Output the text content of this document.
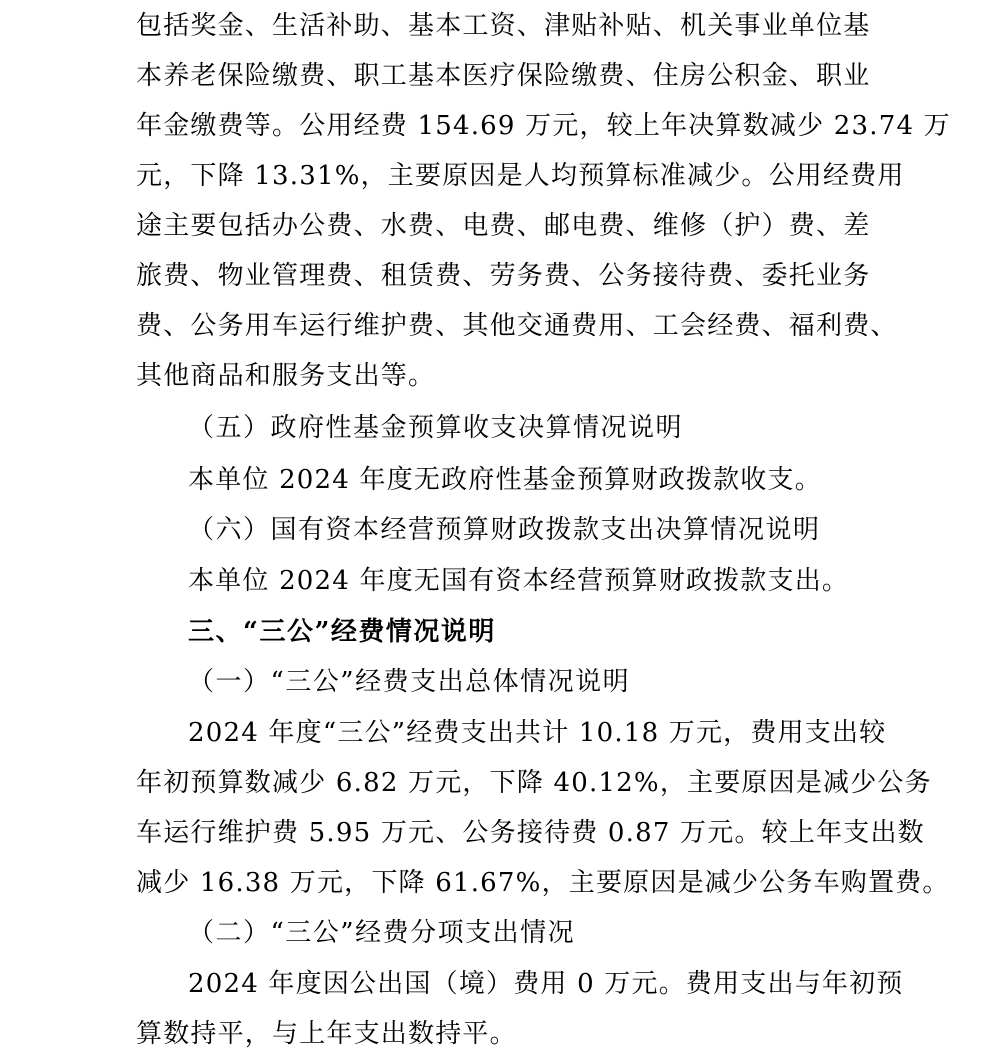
包括奖金、生活补助、基本工资、津贴补贴、机关事业单位基
本养老保险缴费、职工基本医疗保险缴费、住房公积金、职业
年金缴费等。公用经费 154.69 万元，较上年决算数减少 23.74 万
元，下降 13.31%，主要原因是人均预算标准减少。公用经费用
途主要包括办公费、水费、电费、邮电费、维修（护）费、差
旅费、物业管理费、租赁费、劳务费、公务接待费、委托业务
费、公务用车运行维护费、其他交通费用、工会经费、福利费、
其他商品和服务支出等。
（五）政府性基金预算收支决算情况说明
本单位 2024 年度无政府性基金预算财政拨款收支。
（六）国有资本经营预算财政拨款支出决算情况说明
本单位 2024 年度无国有资本经营预算财政拨款支出。
三、“三公”经费情况说明
（一）“三公”经费支出总体情况说明
2024 年度“三公”经费支出共计 10.18 万元，费用支出较
年初预算数减少 6.82 万元，下降 40.12%，主要原因是减少公务
车运行维护费 5.95 万元、公务接待费 0.87 万元。较上年支出数
减少 16.38 万元，下降 61.67%，主要原因是减少公务车购置费。
（二）“三公”经费分项支出情况
2024 年度因公出国（境）费用 0 万元。费用支出与年初预
算数持平，与上年支出数持平。
